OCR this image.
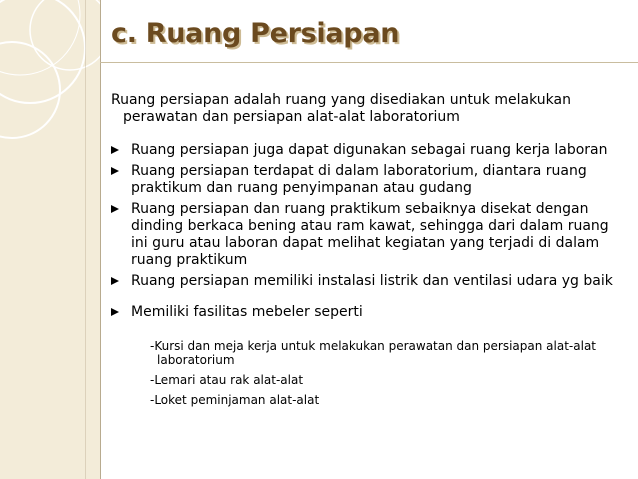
c. Ruang Persiapan

Ruang persiapan adalah ruang yang disediakan untuk melakukan perawatan dan persiapan alat-alat laboratorium

Ruang persiapan juga dapat digunakan sebagai ruang kerja laboran
Ruang persiapan terdapat di dalam laboratorium, diantara ruang praktikum dan ruang penyimpanan atau gudang
Ruang persiapan dan ruang praktikum sebaiknya disekat dengan dinding berkaca bening atau ram kawat, sehingga dari dalam ruang ini guru atau laboran dapat melihat kegiatan yang terjadi di dalam ruang praktikum
Ruang persiapan memiliki instalasi listrik dan ventilasi udara yg baik
Memiliki fasilitas mebeler seperti
-Kursi dan meja kerja untuk melakukan perawatan dan persiapan alat-alat laboratorium
-Lemari atau rak alat-alat
-Loket peminjaman alat-alat
